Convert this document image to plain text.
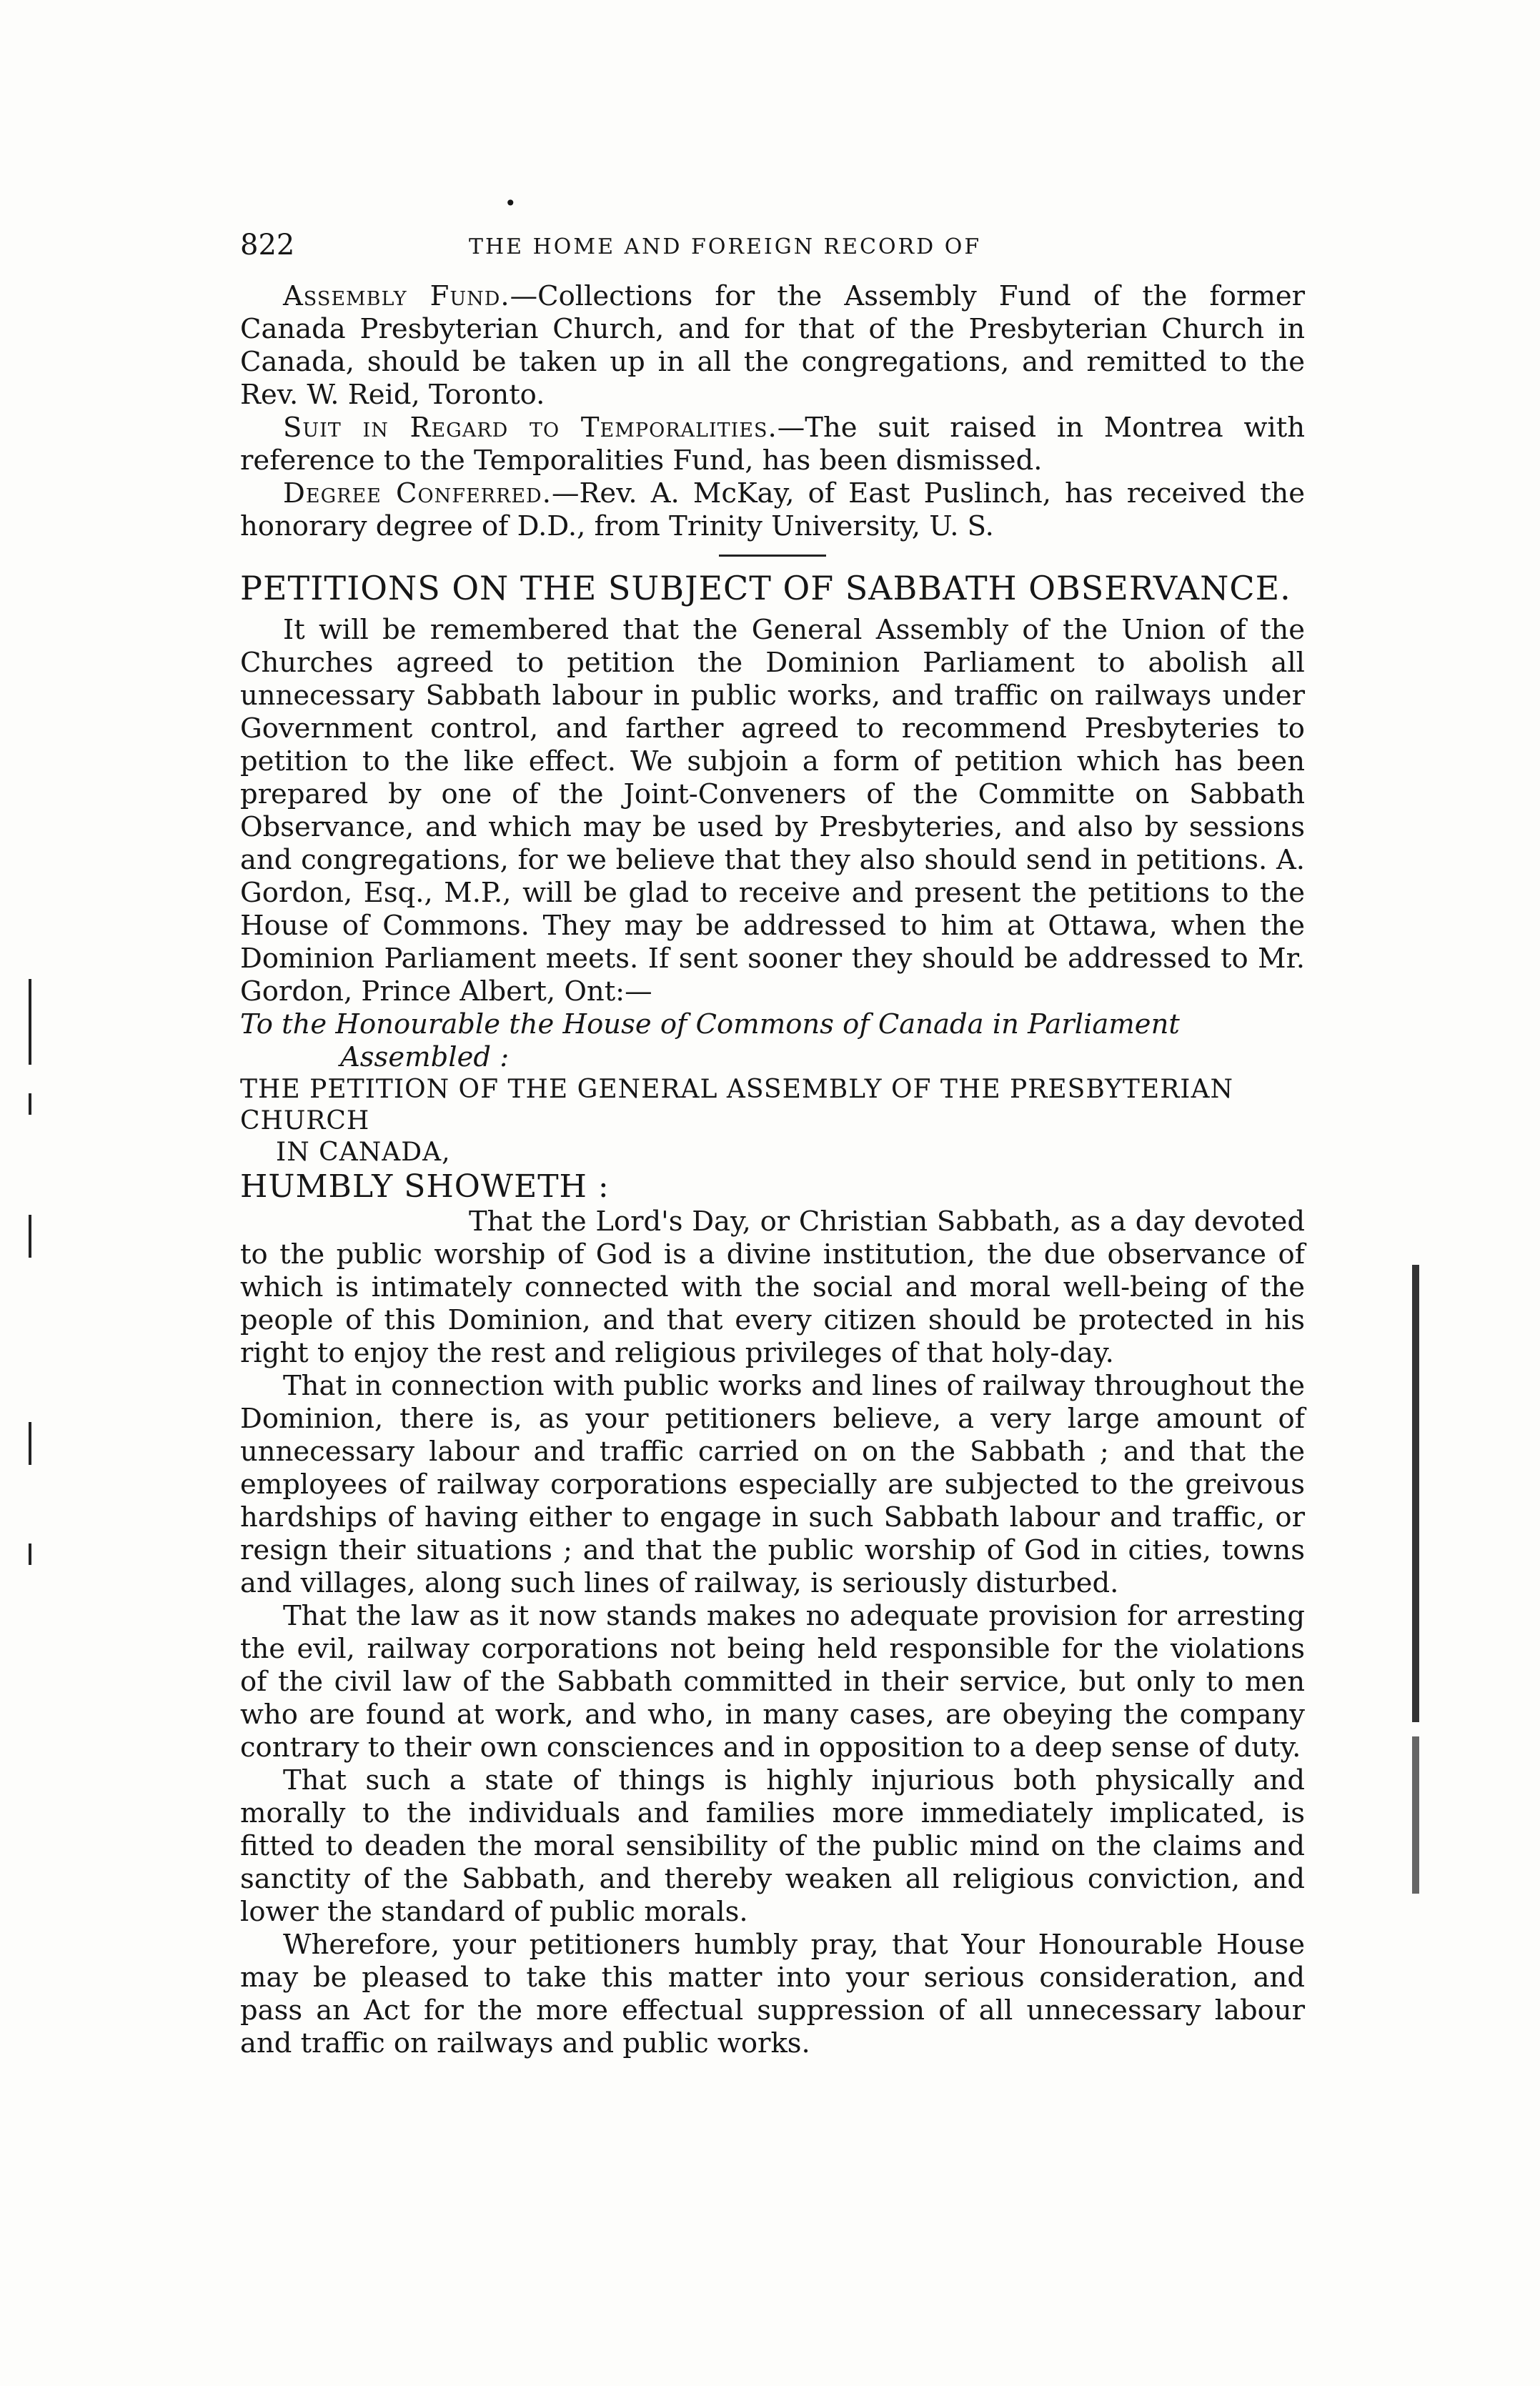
•
822	THE HOME AND FOREIGN RECORD OF

Assembly Fund.—Collections for the Assembly Fund of the former Canada Presbyterian Church, and for that of the Presbyterian Church in Canada, should be taken up in all the congregations, and remitted to the Rev. W. Reid, Toronto.

Suit in Regard to Temporalities.—The suit raised in Montrea with reference to the Temporalities Fund, has been dismissed.

Degree Conferred.—Rev. A. McKay, of East Puslinch, has received the honorary degree of D.D., from Trinity University, U. S.

PETITIONS ON THE SUBJECT OF SABBATH OBSERVANCE.

It will be remembered that the General Assembly of the Union of the Churches agreed to petition the Dominion Parliament to abolish all unnecessary Sabbath labour in public works, and traffic on railways under Government control, and farther agreed to recommend Presbyteries to petition to the like effect. We subjoin a form of petition which has been prepared by one of the Joint-Conveners of the Committe on Sabbath Observance, and which may be used by Presbyteries, and also by sessions and congregations, for we believe that they also should send in petitions. A. Gordon, Esq., M.P., will be glad to receive and present the petitions to the House of Commons. They may be addressed to him at Ottawa, when the Dominion Parliament meets. If sent sooner they should be addressed to Mr. Gordon, Prince Albert, Ont:—

To the Honourable the House of Commons of Canada in Parliament
Assembled :
THE PETITION OF THE GENERAL ASSEMBLY OF THE PRESBYTERIAN CHURCH
IN CANADA,
HUMBLY SHOWETH :

That the Lord's Day, or Christian Sabbath, as a day devoted to the public worship of God is a divine institution, the due observance of which is intimately connected with the social and moral well-being of the people of this Dominion, and that every citizen should be protected in his right to enjoy the rest and religious privileges of that holy-day.

That in connection with public works and lines of railway throughout the Dominion, there is, as your petitioners believe, a very large amount of unnecessary labour and traffic carried on on the Sabbath ; and that the employees of railway corporations especially are subjected to the greivous hardships of having either to engage in such Sabbath labour and traffic, or resign their situations ; and that the public worship of God in cities, towns and villages, along such lines of railway, is seriously disturbed.

That the law as it now stands makes no adequate provision for arresting the evil, railway corporations not being held responsible for the violations of the civil law of the Sabbath committed in their service, but only to men who are found at work, and who, in many cases, are obeying the company contrary to their own consciences and in opposition to a deep sense of duty.

That such a state of things is highly injurious both physically and morally to the individuals and families more immediately implicated, is fitted to deaden the moral sensibility of the public mind on the claims and sanctity of the Sabbath, and thereby weaken all religious conviction, and lower the standard of public morals.

Wherefore, your petitioners humbly pray, that Your Honourable House may be pleased to take this matter into your serious consideration, and pass an Act for the more effectual suppression of all unnecessary labour and traffic on railways and public works.
